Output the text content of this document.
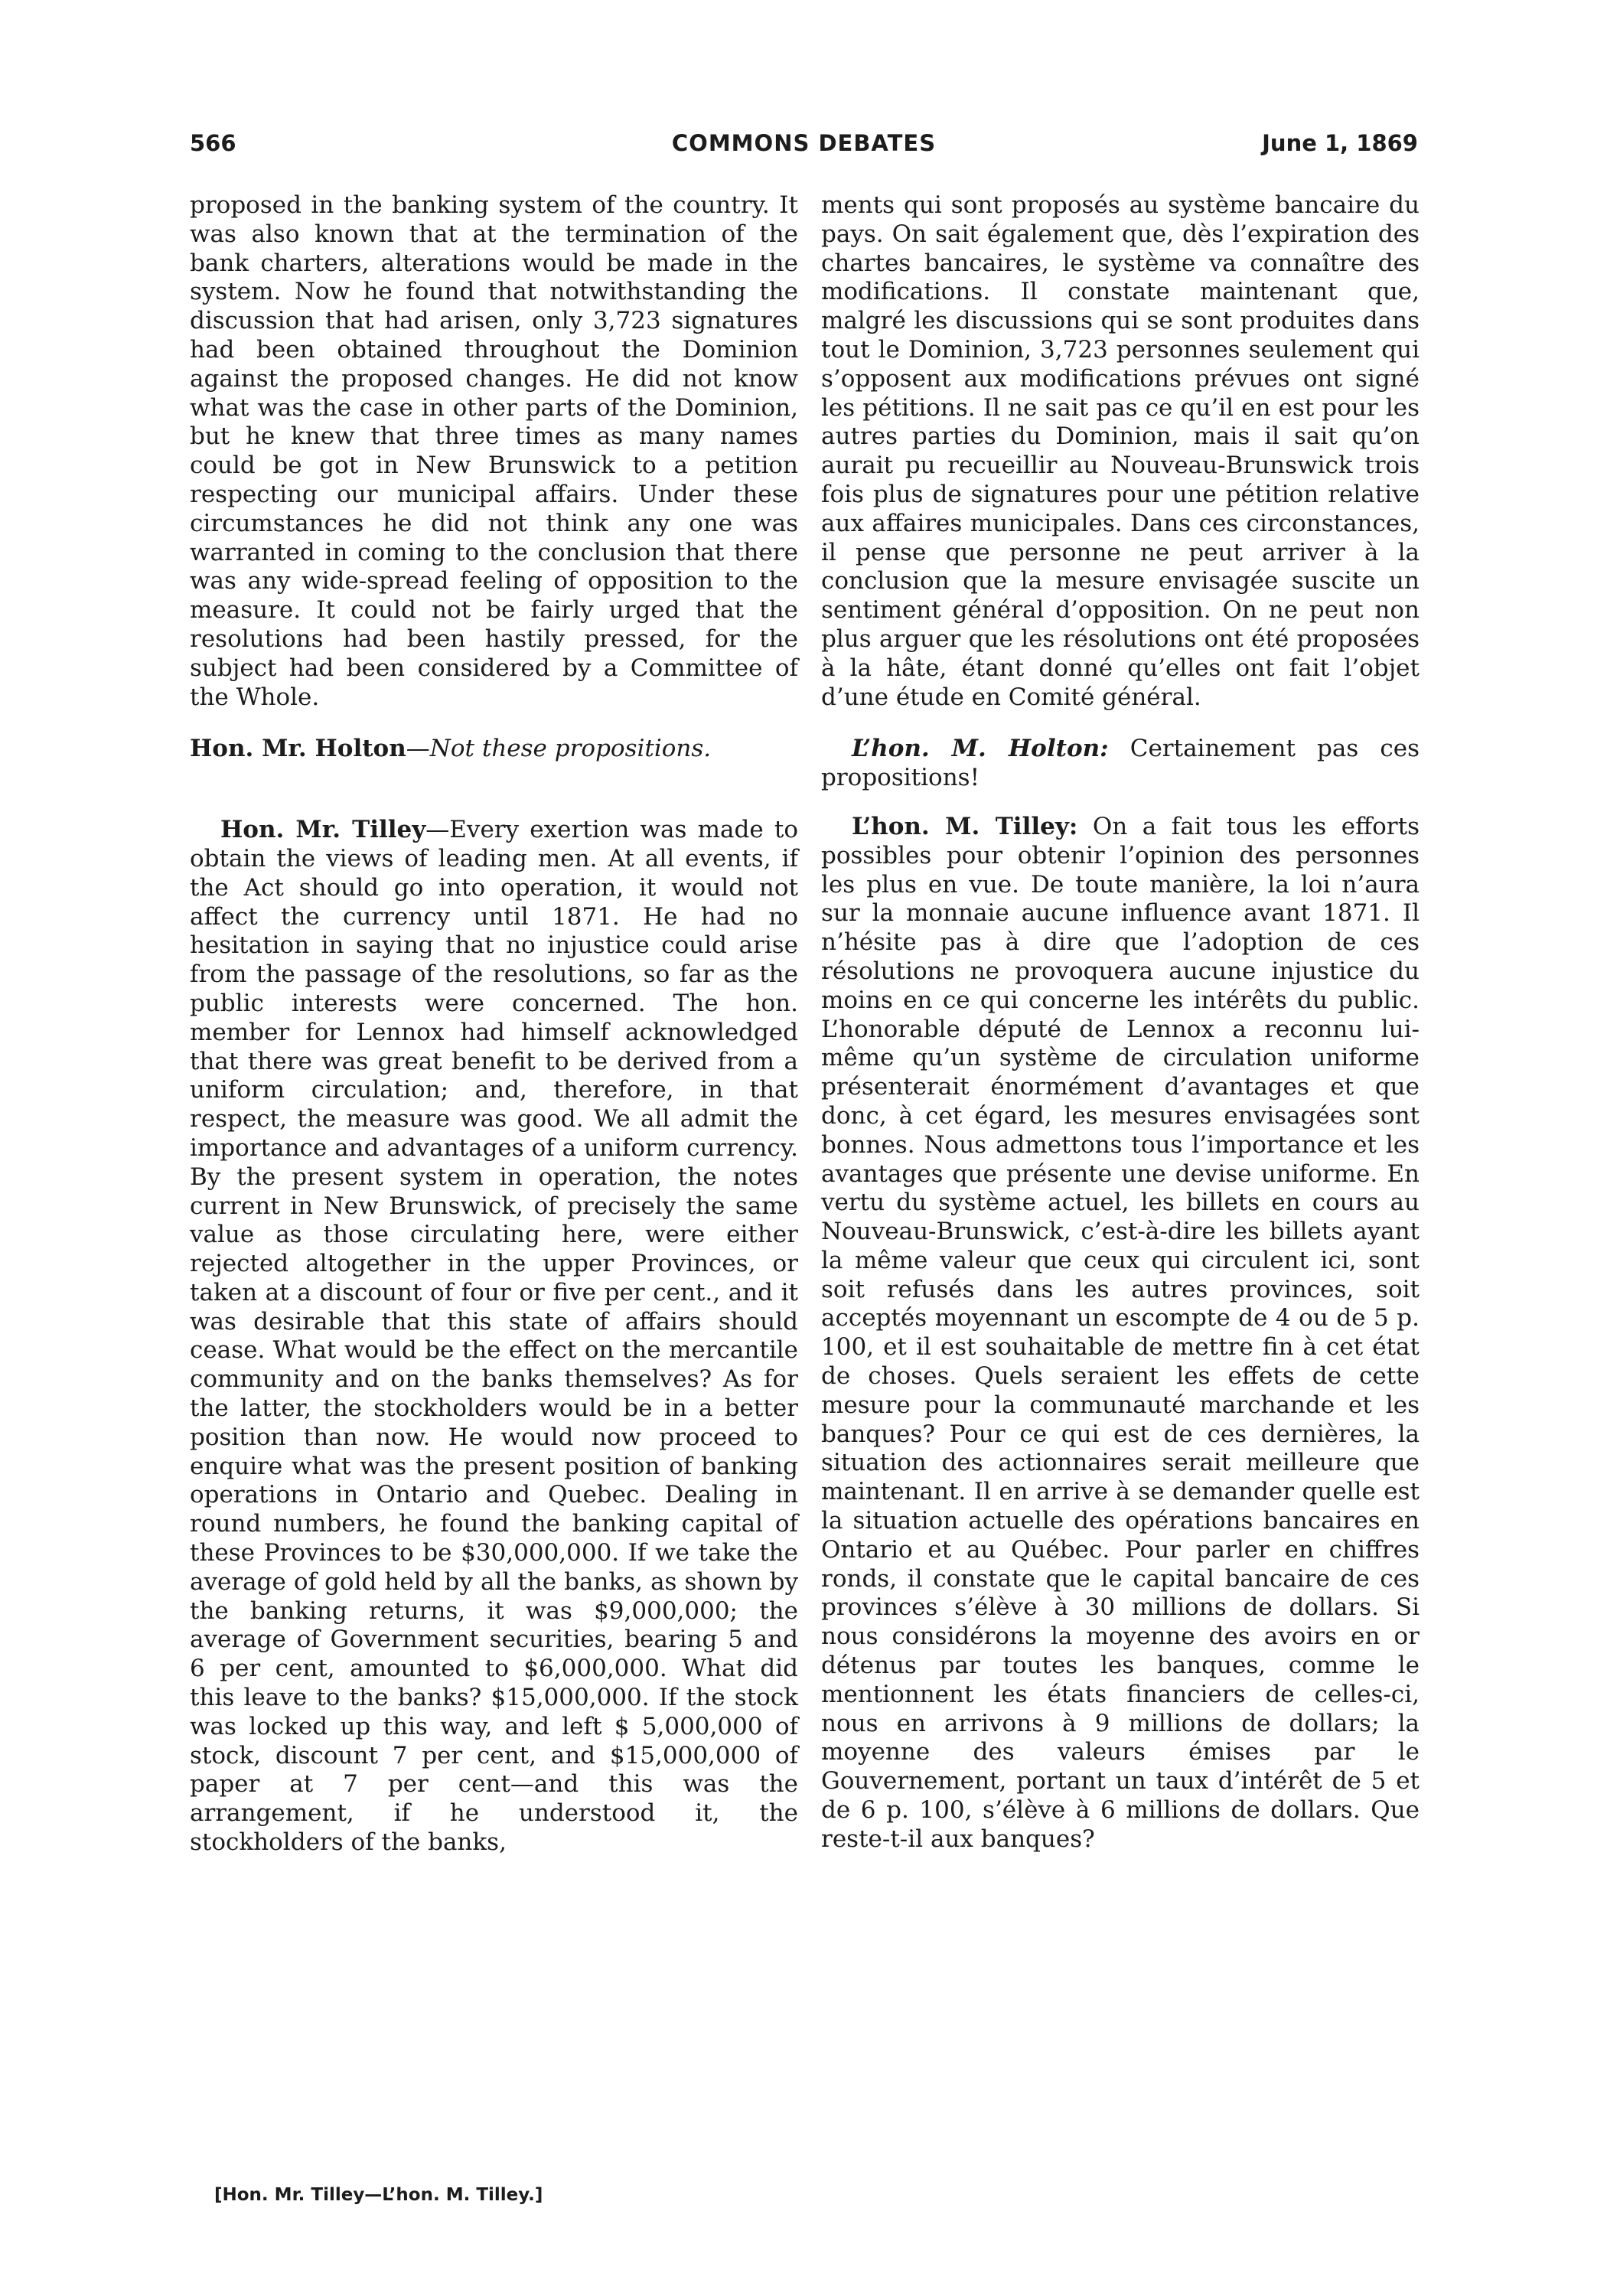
566	COMMONS DEBATES	June 1, 1869

proposed in the banking system of the country. It was also known that at the termination of the bank charters, alterations would be made in the system. Now he found that notwithstanding the discussion that had arisen, only 3,723 signatures had been obtained throughout the Dominion against the proposed changes. He did not know what was the case in other parts of the Dominion, but he knew that three times as many names could be got in New Brunswick to a petition respecting our municipal affairs. Under these circumstances he did not think any one was warranted in coming to the conclusion that there was any wide-spread feeling of opposition to the measure. It could not be fairly urged that the resolutions had been hastily pressed, for the subject had been considered by a Committee of the Whole.

Hon. Mr. Holton—Not these propositions.

Hon. Mr. Tilley—Every exertion was made to obtain the views of leading men. At all events, if the Act should go into operation, it would not affect the currency until 1871. He had no hesitation in saying that no injustice could arise from the passage of the resolutions, so far as the public interests were concerned. The hon. member for Lennox had himself acknowledged that there was great benefit to be derived from a uniform circulation; and, therefore, in that respect, the measure was good. We all admit the importance and advantages of a uniform currency. By the present system in operation, the notes current in New Brunswick, of precisely the same value as those circulating here, were either rejected altogether in the upper Provinces, or taken at a discount of four or five per cent., and it was desirable that this state of affairs should cease. What would be the effect on the mercantile community and on the banks themselves? As for the latter, the stockholders would be in a better position than now. He would now proceed to enquire what was the present position of banking operations in Ontario and Quebec. Dealing in round numbers, he found the banking capital of these Provinces to be $30,000,000. If we take the average of gold held by all the banks, as shown by the banking returns, it was $9,000,000; the average of Government securities, bearing 5 and 6 per cent, amounted to $6,000,000. What did this leave to the banks? $15,000,000. If the stock was locked up this way, and left $ 5,000,000 of stock, discount 7 per cent, and $15,000,000 of paper at 7 per cent—and this was the arrangement, if he understood it, the stockholders of the banks,

ments qui sont proposés au système bancaire du pays. On sait également que, dès l’expiration des chartes bancaires, le système va connaître des modifications. Il constate maintenant que, malgré les discussions qui se sont produites dans tout le Dominion, 3,723 personnes seulement qui s’opposent aux modifications prévues ont signé les pétitions. Il ne sait pas ce qu’il en est pour les autres parties du Dominion, mais il sait qu’on aurait pu recueillir au Nouveau-Brunswick trois fois plus de signatures pour une pétition relative aux affaires municipales. Dans ces circonstances, il pense que personne ne peut arriver à la conclusion que la mesure envisagée suscite un sentiment général d’opposition. On ne peut non plus arguer que les résolutions ont été proposées à la hâte, étant donné qu’elles ont fait l’objet d’une étude en Comité général.

L’hon. M. Holton: Certainement pas ces propositions!

L’hon. M. Tilley: On a fait tous les efforts possibles pour obtenir l’opinion des personnes les plus en vue. De toute manière, la loi n’aura sur la monnaie aucune influence avant 1871. Il n’hésite pas à dire que l’adoption de ces résolutions ne provoquera aucune injustice du moins en ce qui concerne les intérêts du public. L’honorable député de Lennox a reconnu lui-même qu’un système de circulation uniforme présenterait énormément d’avantages et que donc, à cet égard, les mesures envisagées sont bonnes. Nous admettons tous l’importance et les avantages que présente une devise uniforme. En vertu du système actuel, les billets en cours au Nouveau-Brunswick, c’est-à-dire les billets ayant la même valeur que ceux qui circulent ici, sont soit refusés dans les autres provinces, soit acceptés moyennant un escompte de 4 ou de 5 p. 100, et il est souhaitable de mettre fin à cet état de choses. Quels seraient les effets de cette mesure pour la communauté marchande et les banques? Pour ce qui est de ces dernières, la situation des actionnaires serait meilleure que maintenant. Il en arrive à se demander quelle est la situation actuelle des opérations bancaires en Ontario et au Québec. Pour parler en chiffres ronds, il constate que le capital bancaire de ces provinces s’élève à 30 millions de dollars. Si nous considérons la moyenne des avoirs en or détenus par toutes les banques, comme le mentionnent les états financiers de celles-ci, nous en arrivons à 9 millions de dollars; la moyenne des valeurs émises par le Gouvernement, portant un taux d’intérêt de 5 et de 6 p. 100, s’élève à 6 millions de dollars. Que reste-t-il aux banques?

[Hon. Mr. Tilley—L’hon. M. Tilley.]
